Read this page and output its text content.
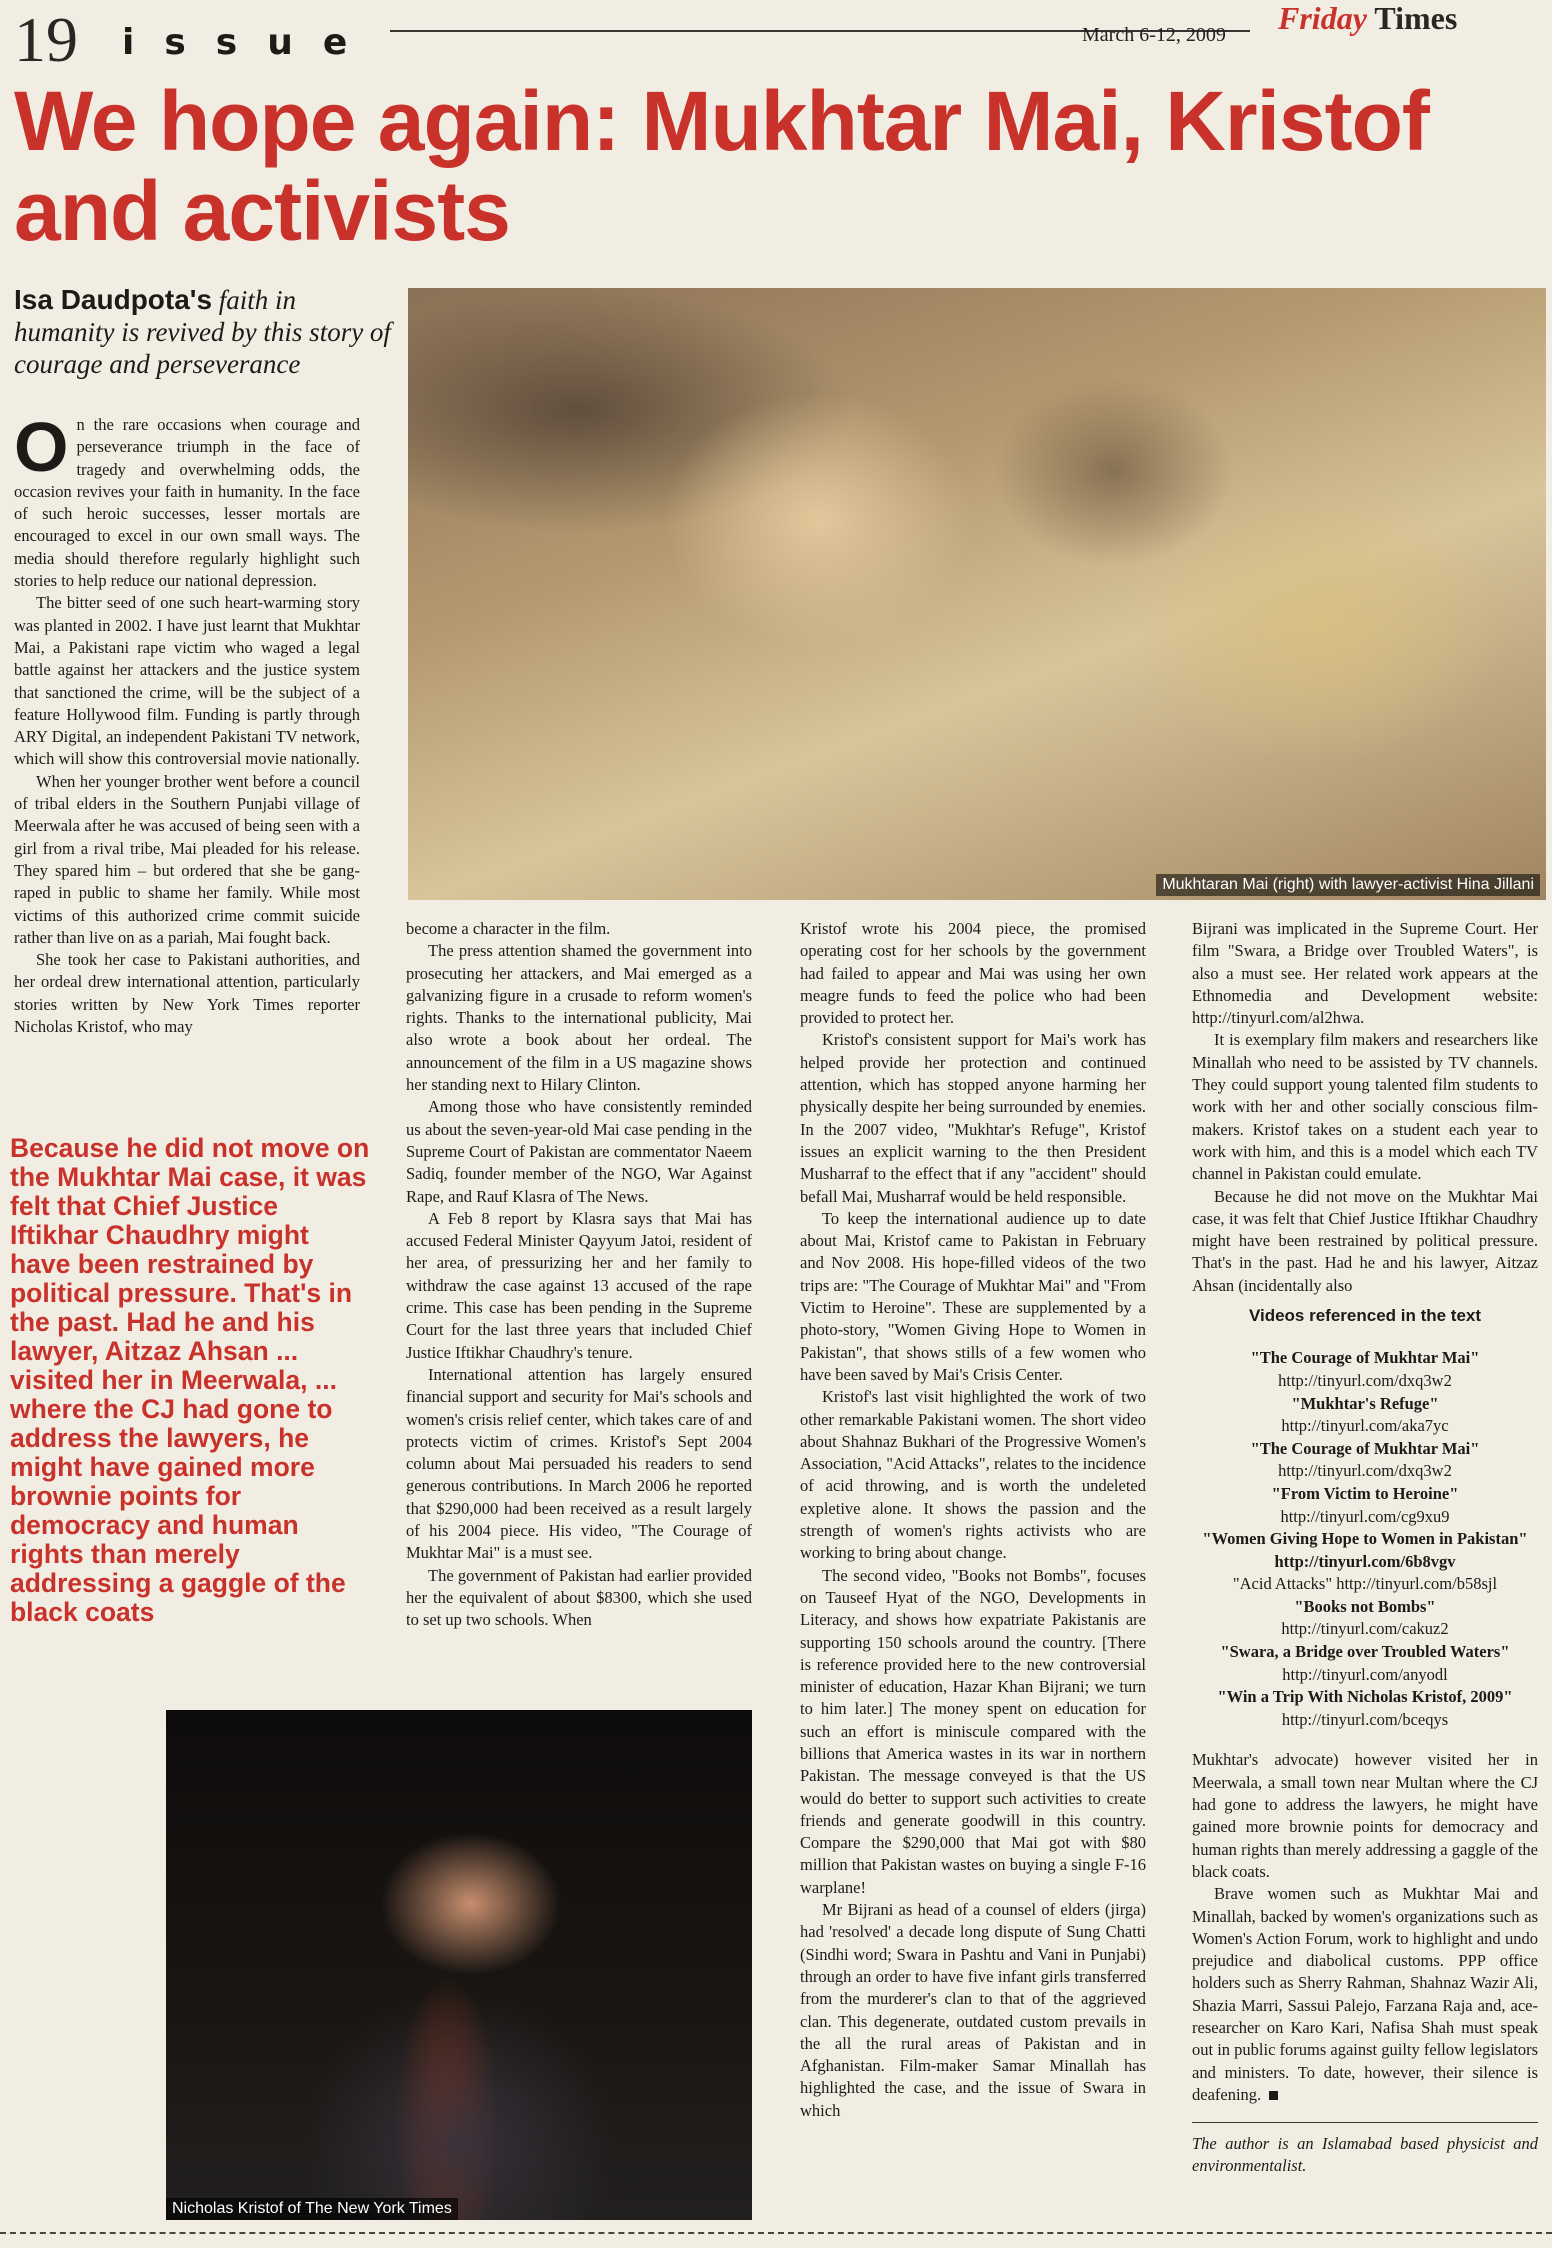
19 issue	March 6-12, 2009 Friday Times
We hope again: Mukhtar Mai, Kristof and activists
Isa Daudpota's faith in humanity is revived by this story of courage and perseverance
Mukhtaran Mai (right) with lawyer-activist Hina Jillani

On the rare occasions when courage and perseverance triumph in the face of tragedy and overwhelming odds, the occasion revives your faith in humanity. In the face of such heroic successes, lesser mortals are encouraged to excel in our own small ways. The media should therefore regularly highlight such stories to help reduce our national depression.

The bitter seed of one such heart-warming story was planted in 2002. I have just learnt that Mukhtar Mai, a Pakistani rape victim who waged a legal battle against her attackers and the justice system that sanctioned the crime, will be the subject of a feature Hollywood film. Funding is partly through ARY Digital, an independent Pakistani TV network, which will show this controversial movie nationally.

When her younger brother went before a council of tribal elders in the Southern Punjabi village of Meerwala after he was accused of being seen with a girl from a rival tribe, Mai pleaded for his release. They spared him – but ordered that she be gang-raped in public to shame her family. While most victims of this authorized crime commit suicide rather than live on as a pariah, Mai fought back.

She took her case to Pakistani authorities, and her ordeal drew international attention, particularly stories written by New York Times reporter Nicholas Kristof, who may

Because he did not move on the Mukhtar Mai case, it was felt that Chief Justice Iftikhar Chaudhry might have been restrained by political pressure. That's in the past. Had he and his lawyer, Aitzaz Ahsan ... visited her in Meerwala, ... where the CJ had gone to address the lawyers, he might have gained more brownie points for democracy and human rights than merely addressing a gaggle of the black coats

Nicholas Kristof of The New York Times

become a character in the film.

The press attention shamed the government into prosecuting her attackers, and Mai emerged as a galvanizing figure in a crusade to reform women's rights. Thanks to the international publicity, Mai also wrote a book about her ordeal. The announcement of the film in a US magazine shows her standing next to Hilary Clinton.

Among those who have consistently reminded us about the seven-year-old Mai case pending in the Supreme Court of Pakistan are commentator Naeem Sadiq, founder member of the NGO, War Against Rape, and Rauf Klasra of The News.

A Feb 8 report by Klasra says that Mai has accused Federal Minister Qayyum Jatoi, resident of her area, of pressurizing her and her family to withdraw the case against 13 accused of the rape crime. This case has been pending in the Supreme Court for the last three years that included Chief Justice Iftikhar Chaudhry's tenure.

International attention has largely ensured financial support and security for Mai's schools and women's crisis relief center, which takes care of and protects victim of crimes. Kristof's Sept 2004 column about Mai persuaded his readers to send generous contributions. In March 2006 he reported that $290,000 had been received as a result largely of his 2004 piece. His video, "The Courage of Mukhtar Mai" is a must see.

The government of Pakistan had earlier provided her the equivalent of about $8300, which she used to set up two schools. When

Kristof wrote his 2004 piece, the promised operating cost for her schools by the government had failed to appear and Mai was using her own meagre funds to feed the police who had been provided to protect her.

Kristof's consistent support for Mai's work has helped provide her protection and continued attention, which has stopped anyone harming her physically despite her being surrounded by enemies. In the 2007 video, "Mukhtar's Refuge", Kristof issues an explicit warning to the then President Musharraf to the effect that if any "accident" should befall Mai, Musharraf would be held responsible.

To keep the international audience up to date about Mai, Kristof came to Pakistan in February and Nov 2008. His hope-filled videos of the two trips are: "The Courage of Mukhtar Mai" and "From Victim to Heroine". These are supplemented by a photo-story, "Women Giving Hope to Women in Pakistan", that shows stills of a few women who have been saved by Mai's Crisis Center.

Kristof's last visit highlighted the work of two other remarkable Pakistani women. The short video about Shahnaz Bukhari of the Progressive Women's Association, "Acid Attacks", relates to the incidence of acid throwing, and is worth the undeleted expletive alone. It shows the passion and the strength of women's rights activists who are working to bring about change.

The second video, "Books not Bombs", focuses on Tauseef Hyat of the NGO, Developments in Literacy, and shows how expatriate Pakistanis are supporting 150 schools around the country. [There is reference provided here to the new controversial minister of education, Hazar Khan Bijrani; we turn to him later.] The money spent on education for such an effort is miniscule compared with the billions that America wastes in its war in northern Pakistan. The message conveyed is that the US would do better to support such activities to create friends and generate goodwill in this country. Compare the $290,000 that Mai got with $80 million that Pakistan wastes on buying a single F-16 warplane!

Mr Bijrani as head of a counsel of elders (jirga) had 'resolved' a decade long dispute of Sung Chatti (Sindhi word; Swara in Pashtu and Vani in Punjabi) through an order to have five infant girls transferred from the murderer's clan to that of the aggrieved clan. This degenerate, outdated custom prevails in the all the rural areas of Pakistan and in Afghanistan. Film-maker Samar Minallah has highlighted the case, and the issue of Swara in which

Bijrani was implicated in the Supreme Court. Her film "Swara, a Bridge over Troubled Waters", is also a must see. Her related work appears at the Ethnomedia and Development website: http://tinyurl.com/al2hwa.

It is exemplary film makers and researchers like Minallah who need to be assisted by TV channels. They could support young talented film students to work with her and other socially conscious film-makers. Kristof takes on a student each year to work with him, and this is a model which each TV channel in Pakistan could emulate.

Because he did not move on the Mukhtar Mai case, it was felt that Chief Justice Iftikhar Chaudhry might have been restrained by political pressure. That's in the past. Had he and his lawyer, Aitzaz Ahsan (incidentally also

Videos referenced in the text
"The Courage of Mukhtar Mai"
http://tinyurl.com/dxq3w2
"Mukhtar's Refuge"
http://tinyurl.com/aka7yc
"The Courage of Mukhtar Mai"
http://tinyurl.com/dxq3w2
"From Victim to Heroine"
http://tinyurl.com/cg9xu9
"Women Giving Hope to Women in Pakistan" http://tinyurl.com/6b8vgv
"Acid Attacks" http://tinyurl.com/b58sjl
"Books not Bombs"
http://tinyurl.com/cakuz2
"Swara, a Bridge over Troubled Waters"
http://tinyurl.com/anyodl
"Win a Trip With Nicholas Kristof, 2009"
http://tinyurl.com/bceqys

Mukhtar's advocate) however visited her in Meerwala, a small town near Multan where the CJ had gone to address the lawyers, he might have gained more brownie points for democracy and human rights than merely addressing a gaggle of the black coats.

Brave women such as Mukhtar Mai and Minallah, backed by women's organizations such as Women's Action Forum, work to highlight and undo prejudice and diabolical customs. PPP office holders such as Sherry Rahman, Shahnaz Wazir Ali, Shazia Marri, Sassui Palejo, Farzana Raja and, ace-researcher on Karo Kari, Nafisa Shah must speak out in public forums against guilty fellow legislators and ministers. To date, however, their silence is deafening.

The author is an Islamabad based physicist and environmentalist.
